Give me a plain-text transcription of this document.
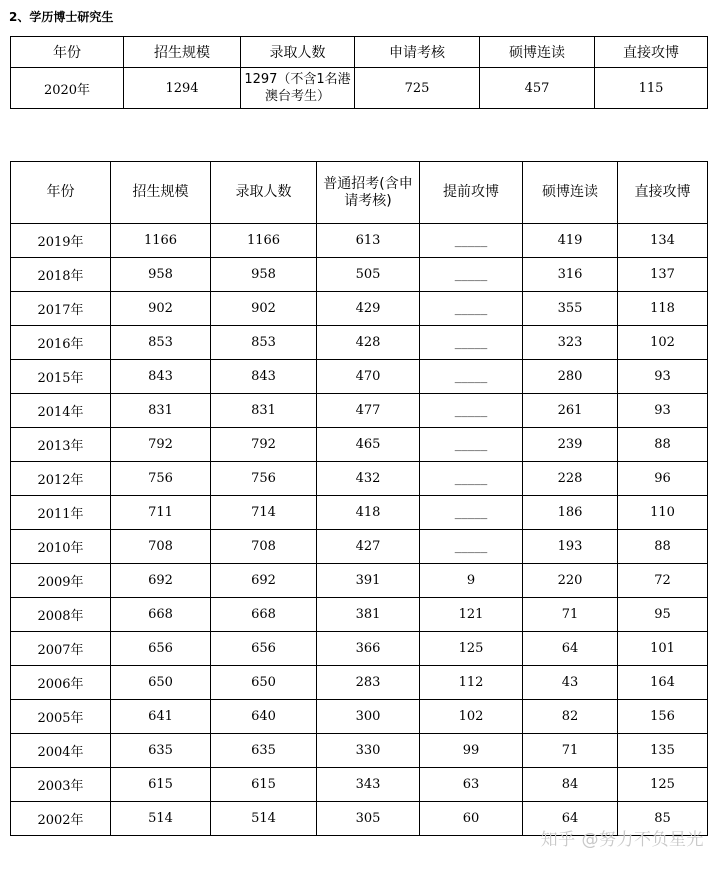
2、学历博士研究生
年份	招生规模	录取人数	申请考核	硕博连读	直接攻博
2020年	1294	1297（不含1名港澳台考生）	725	457	115
年份	招生规模	录取人数	普通招考(含申请考核)	提前攻博	硕博连读	直接攻博
2019年	1166	1166	613	_____	419	134
2018年	958	958	505	_____	316	137
2017年	902	902	429	_____	355	118
2016年	853	853	428	_____	323	102
2015年	843	843	470	_____	280	93
2014年	831	831	477	_____	261	93
2013年	792	792	465	_____	239	88
2012年	756	756	432	_____	228	96
2011年	711	714	418	_____	186	110
2010年	708	708	427	_____	193	88
2009年	692	692	391	9	220	72
2008年	668	668	381	121	71	95
2007年	656	656	366	125	64	101
2006年	650	650	283	112	43	164
2005年	641	640	300	102	82	156
2004年	635	635	330	99	71	135
2003年	615	615	343	63	84	125
2002年	514	514	305	60	64	85
知乎 @努力不负星光
